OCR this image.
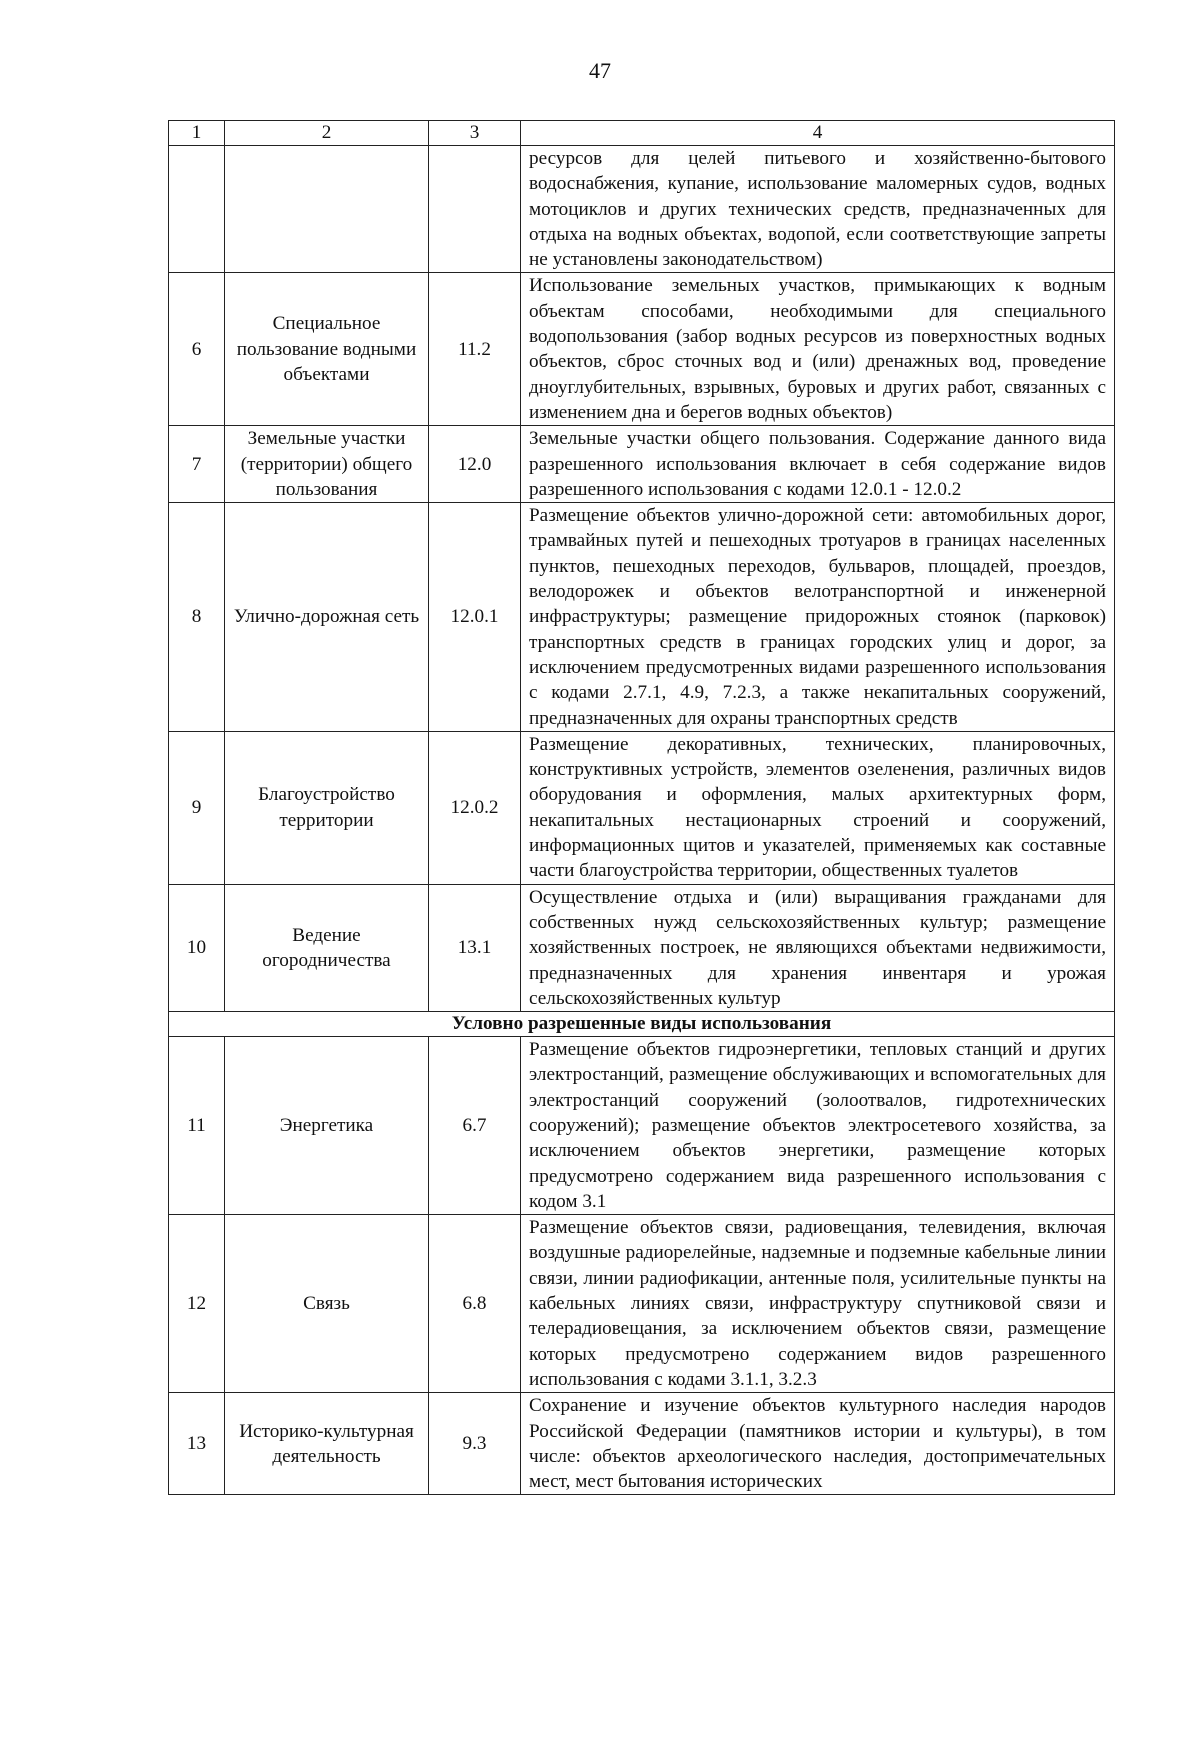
47
1	2	3	4
			ресурсов для целей питьевого и хозяйственно-бытового водоснабжения, купание, использование маломерных судов, водных мотоциклов и других технических средств, предназначенных для отдыха на водных объектах, водопой, если соответствующие запреты не установлены законодательством)
6	Специальное пользование водными объектами	11.2	Использование земельных участков, примыкающих к водным объектам способами, необходимыми для специального водопользования (забор водных ресурсов из поверхностных водных объектов, сброс сточных вод и (или) дренажных вод, проведение дноуглубительных, взрывных, буровых и других работ, связанных с изменением дна и берегов водных объектов)
7	Земельные участки (территории) общего пользования	12.0	Земельные участки общего пользования. Содержание данного вида разрешенного использования включает в себя содержание видов разрешенного использования с кодами 12.0.1 - 12.0.2
8	Улично-дорожная сеть	12.0.1	Размещение объектов улично-дорожной сети: автомобильных дорог, трамвайных путей и пешеходных тротуаров в границах населенных пунктов, пешеходных переходов, бульваров, площадей, проездов, велодорожек и объектов велотранспортной и инженерной инфраструктуры; размещение придорожных стоянок (парковок) транспортных средств в границах городских улиц и дорог, за исключением предусмотренных видами разрешенного использования с кодами 2.7.1, 4.9, 7.2.3, а также некапитальных сооружений, предназначенных для охраны транспортных средств
9	Благоустройство территории	12.0.2	Размещение декоративных, технических, планировочных, конструктивных устройств, элементов озеленения, различных видов оборудования и оформления, малых архитектурных форм, некапитальных нестационарных строений и сооружений, информационных щитов и указателей, применяемых как составные части благоустройства территории, общественных туалетов
10	Ведение огородничества	13.1	Осуществление отдыха и (или) выращивания гражданами для собственных нужд сельскохозяйственных культур; размещение хозяйственных построек, не являющихся объектами недвижимости, предназначенных для хранения инвентаря и урожая сельскохозяйственных культур
Условно разрешенные виды использования			
11	Энергетика	6.7	Размещение объектов гидроэнергетики, тепловых станций и других электростанций, размещение обслуживающих и вспомогательных для электростанций сооружений (золоотвалов, гидротехнических сооружений); размещение объектов электросетевого хозяйства, за исключением объектов энергетики, размещение которых предусмотрено содержанием вида разрешенного использования с кодом 3.1
12	Связь	6.8	Размещение объектов связи, радиовещания, телевидения, включая воздушные радиорелейные, надземные и подземные кабельные линии связи, линии радиофикации, антенные поля, усилительные пункты на кабельных линиях связи, инфраструктуру спутниковой связи и телерадиовещания, за исключением объектов связи, размещение которых предусмотрено содержанием видов разрешенного использования с кодами 3.1.1, 3.2.3
13	Историко-культурная деятельность	9.3	Сохранение и изучение объектов культурного наследия народов Российской Федерации (памятников истории и культуры), в том числе: объектов археологического наследия, достопримечательных мест, мест бытования исторических
